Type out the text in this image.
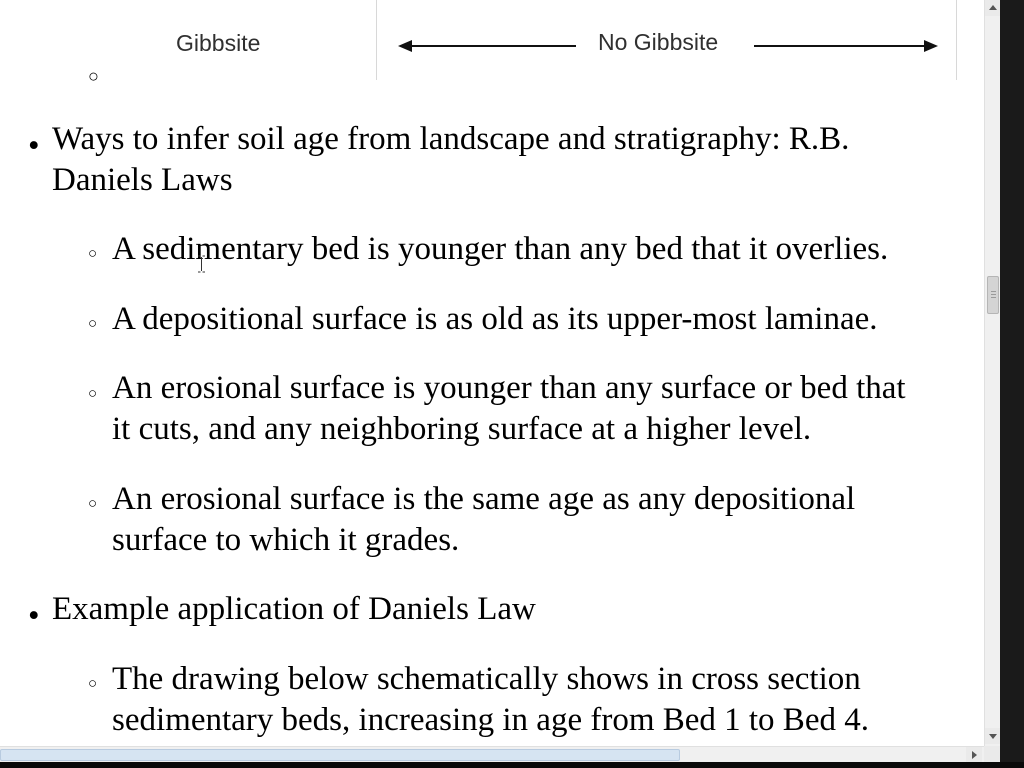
Gibbsite	No Gibbsite
○
• Ways to infer soil age from landscape and stratigraphy: R.B.
Daniels Laws
○ A sedimentary bed is younger than any bed that it overlies.
○ A depositional surface is as old as its upper-most laminae.
○ An erosional surface is younger than any surface or bed that
it cuts, and any neighboring surface at a higher level.
○ An erosional surface is the same age as any depositional
surface to which it grades.
• Example application of Daniels Law
○ The drawing below schematically shows in cross section
sedimentary beds, increasing in age from Bed 1 to Bed 4.
